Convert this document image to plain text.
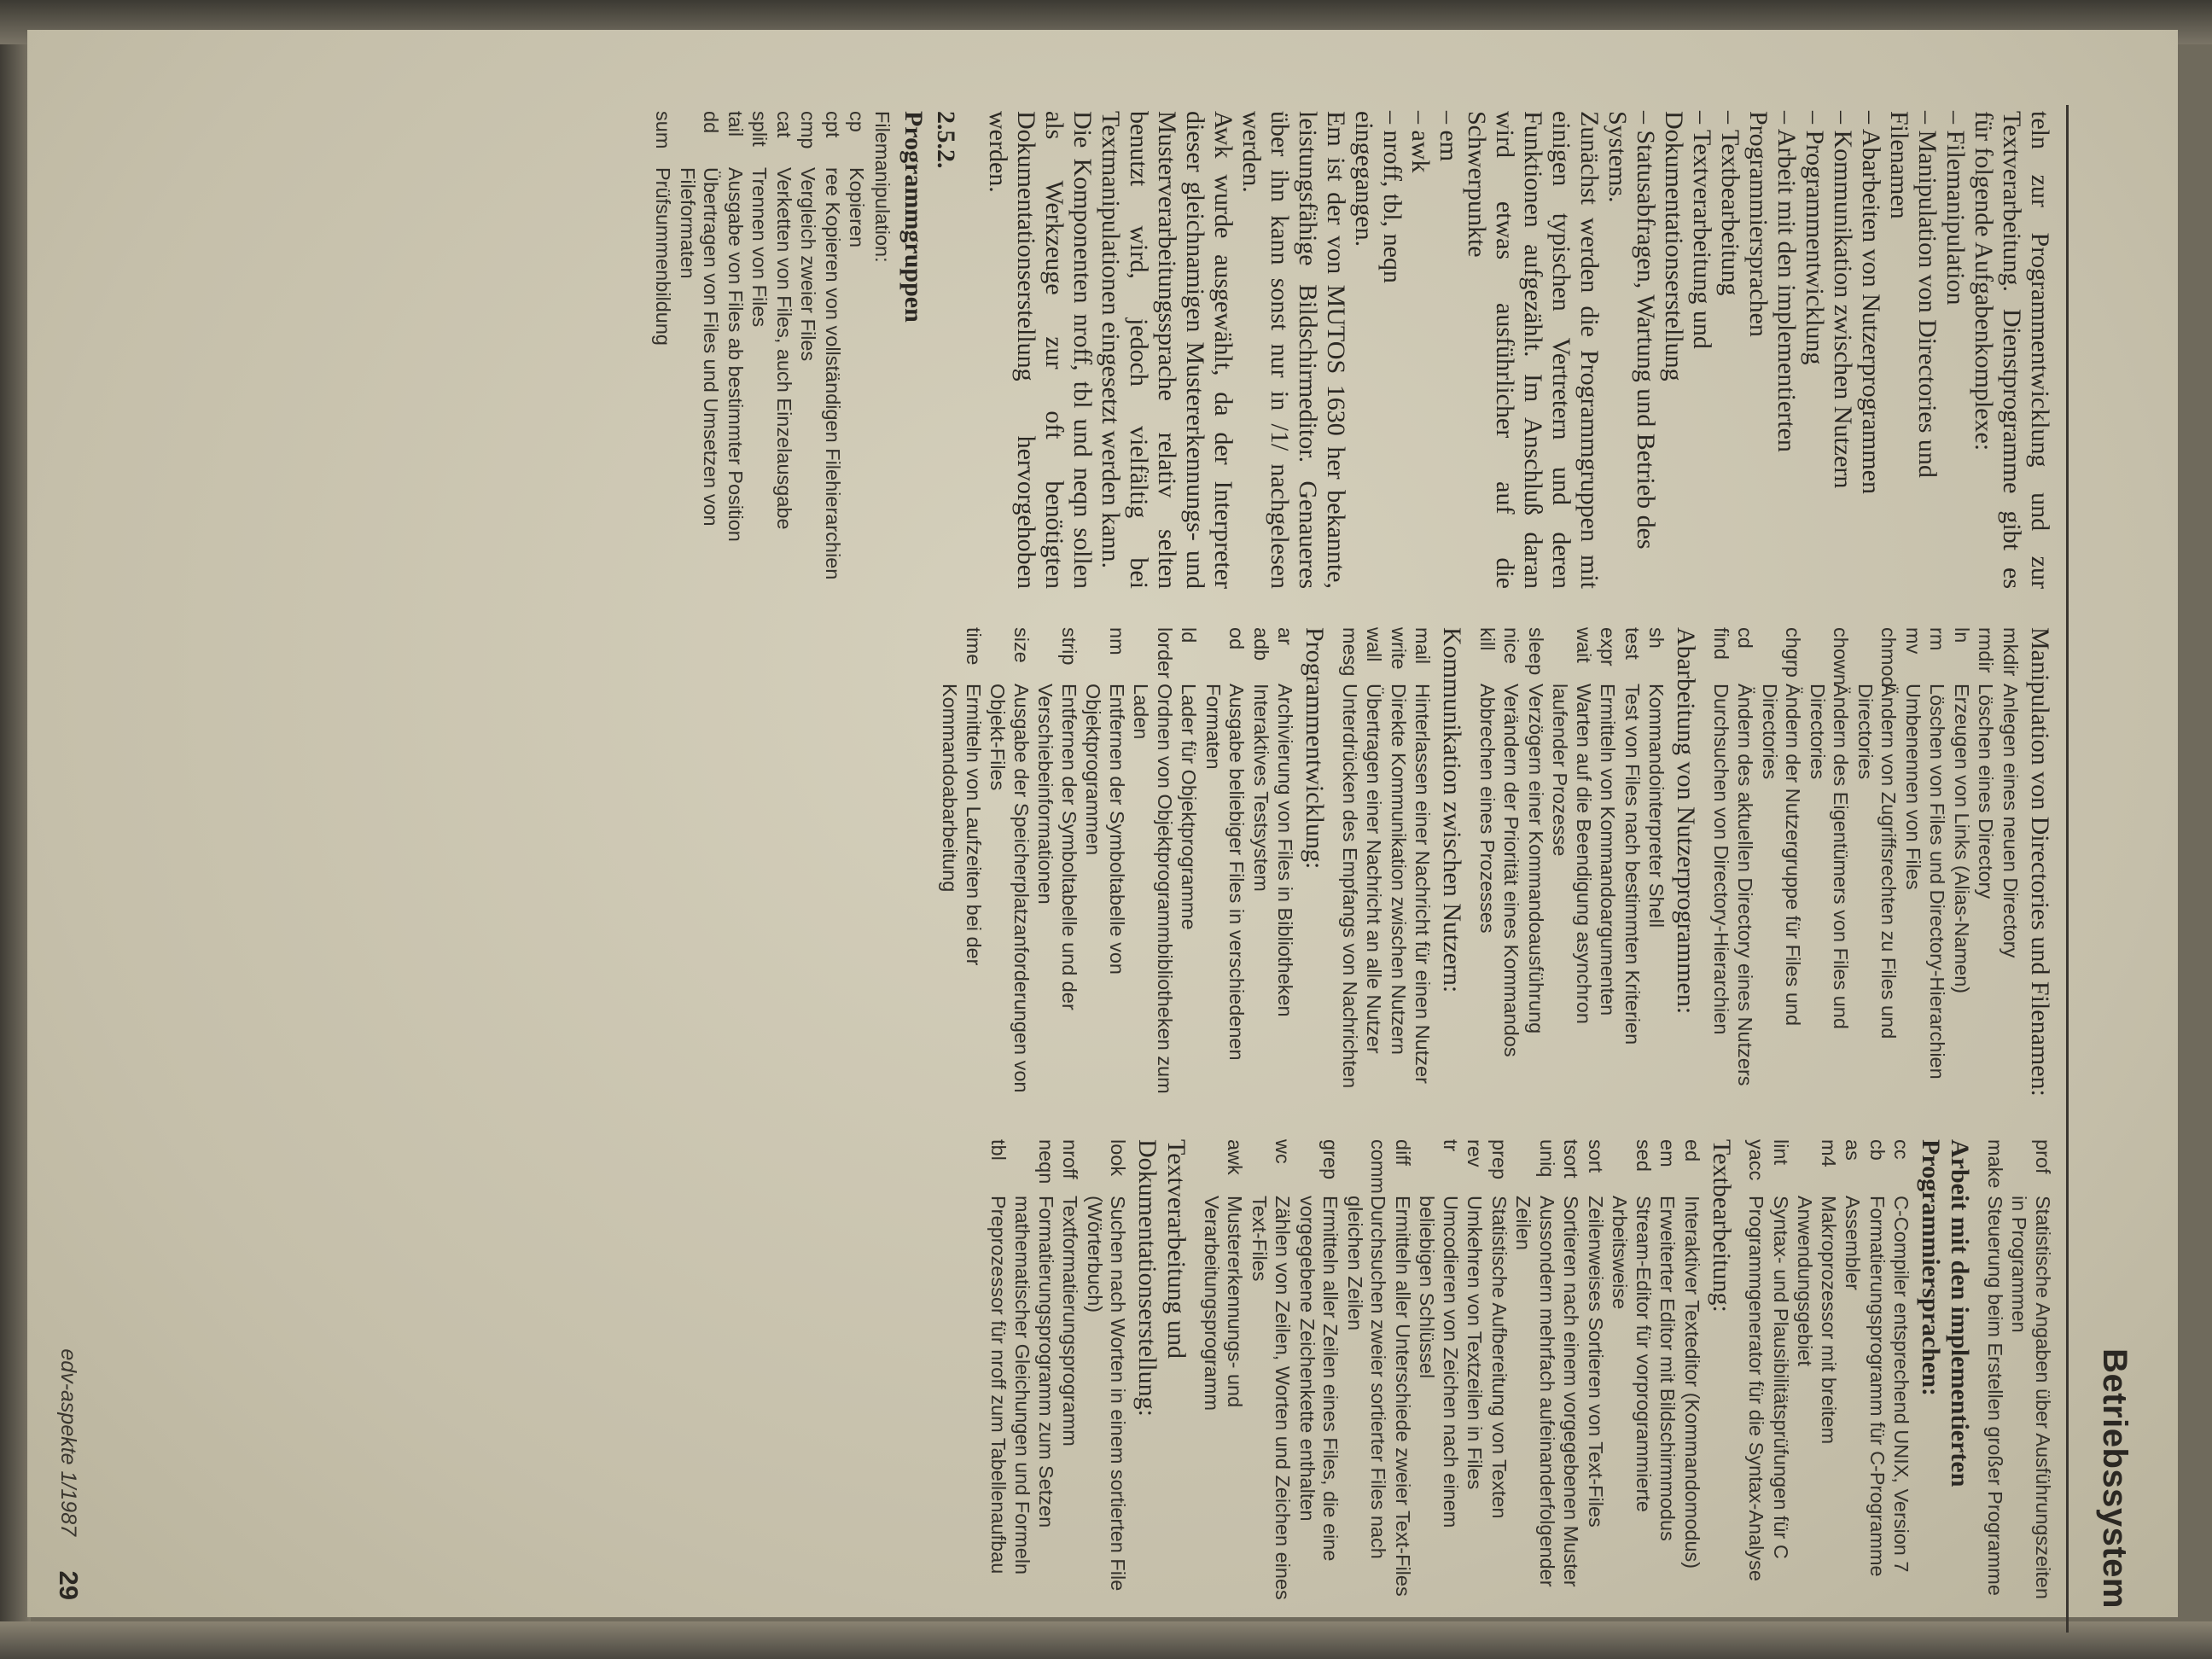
Betriebssystem

teln zur Programmentwicklung und zur Textverarbeitung. Dienstprogramme gibt es für folgende Aufgabenkomplexe:

– Filemanipulation
– Manipulation von Directories und Filenamen
– Abarbeiten von Nutzerprogrammen
– Kommunikation zwischen Nutzern
– Programmentwicklung
– Arbeit mit den implementierten Programmiersprachen
– Textbearbeitung
– Textverarbeitung und Dokumentationserstellung
– Statusabfragen, Wartung und Betrieb des Systems.

Zunächst werden die Programmgruppen mit einigen typischen Vertretern und deren Funktionen aufgezählt. Im Anschluß daran wird etwas ausführlicher auf die Schwerpunkte

– em
– awk
– nroff, tbl, neqn

eingegangen.

Em ist der von MUTOS 1630 her bekannte, leistungsfähige Bildschirmeditor. Genaueres über ihn kann sonst nur in /1/ nachgelesen werden.

Awk wurde ausgewählt, da der Interpreter dieser gleichnamigen Mustererkennungs- und Musterverarbeitungssprache relativ selten benutzt wird, jedoch vielfältig bei Textmanipulationen eingesetzt werden kann.

Die Komponenten nroff, tbl und neqn sollen als Werkzeuge zur oft benötigten Dokumentationserstellung hervorgehoben werden.

2.5.2.
Programmgruppen
Filemanipulation:
cp
Kopieren
cpt
ree Kopieren von vollständigen Filehierarchien
cmp
Vergleich zweier Files
cat
Verketten von Files, auch Einzelausgabe
split
Trennen von Files
tail
Ausgabe von Files ab bestimmter Position
dd
Übertragen von Files und Umsetzen von Fileformaten
sum
Prüfsummenbildung
Manipulation von Directories und Filenamen:
mkdir
Anlegen eines neuen Directory
rmdir
Löschen eines Directory
ln
Erzeugen von Links (Alias-Namen)
rm
Löschen von Files und Directory-Hierarchien
mv
Umbenennen von Files
chmod
Ändern von Zugriffsrechten zu Files und Directories
chown
Ändern des Eigentümers von Files und Directories
chgrp
Ändern der Nutzergruppe für Files und Directories
cd
Ändern des aktuellen Directory eines Nutzers
find
Durchsuchen von Directory-Hierarchien
Abarbeitung von Nutzerprogrammen:
sh
Kommandointerpreter Shell
test
Test von Files nach bestimmten Kriterien
expr
Ermitteln von Kommandoargumenten
wait
Warten auf die Beendigung asynchron laufender Prozesse
sleep
Verzögern einer Kommandoausführung
nice
Verändern der Priorität eines Kommandos
kill
Abbrechen eines Prozesses
Kommunikation zwischen Nutzern:
mail
Hinterlassen einer Nachricht für einen Nutzer
write
Direkte Kommunikation zwischen Nutzern
wall
Übertragen einer Nachricht an alle Nutzer
mesg
Unterdrücken des Empfangs von Nachrichten
Programmentwicklung:
ar
Archivierung von Files in Bibliotheken
adb
Interaktives Testsystem
od
Ausgabe beliebiger Files in verschiedenen Formaten
ld
Lader für Objektprogramme
lorder
Ordnen von Objektprogrammbibliotheken zum Laden
nm
Entfernen der Symboltabelle von Objektprogrammen
strip
Entfernen der Symboltabelle und der Verschiebeinformationen
size
Ausgabe der Speicherplatzanforderungen von Objekt-Files
time
Ermitteln von Laufzeiten bei der Kommandoabarbeitung
prof
Statistische Angaben über Ausführungszeiten in Programmen
make
Steuerung beim Erstellen großer Programme
Arbeit mit den implementierten Programmiersprachen:
cc
C-Compiler entsprechend UNIX, Version 7
cb
Formatierungsprogramm für C-Programme
as
Assembler
m4
Makroprozessor mit breitem Anwendungsgebiet
lint
Syntax- und Plausibilitätsprüfungen für C
yacc
Programmgenerator für die Syntax-Analyse
Textbearbeitung:
ed
Interaktiver Texteditor (Kommandomodus)
em
Erweiterter Editor mit Bildschirmmodus
sed
Stream-Editor für vorprogrammierte Arbeitsweise
sort
Zeilenweises Sortieren von Text-Files
tsort
Sortieren nach einem vorgegebenen Muster
uniq
Aussondern mehrfach aufeinanderfolgender Zeilen
prep
Statistische Aufbereitung von Texten
rev
Umkehren von Textzeilen in Files
tr
Umcodieren von Zeichen nach einem beliebigen Schlüssel
diff
Ermitteln aller Unterschiede zweier Text-Files
comm
Durchsuchen zweier sortierter Files nach gleichen Zeilen
grep
Ermitteln aller Zeilen eines Files, die eine vorgegebene Zeichenkette enthalten
wc
Zählen von Zeilen, Worten und Zeichen eines Text-Files
awk
Mustererkennungs- und Verarbeitungsprogramm
Textverarbeitung und Dokumentationserstellung:
look
Suchen nach Worten in einem sortierten File (Wörterbuch)
nroff
Textformatierungsprogramm
neqn
Formatierungsprogramm zum Setzen mathematischer Gleichungen und Formeln
tbl
Preprozessor für nroff zum Tabellenaufbau
edv-aspekte 1/1987
29
